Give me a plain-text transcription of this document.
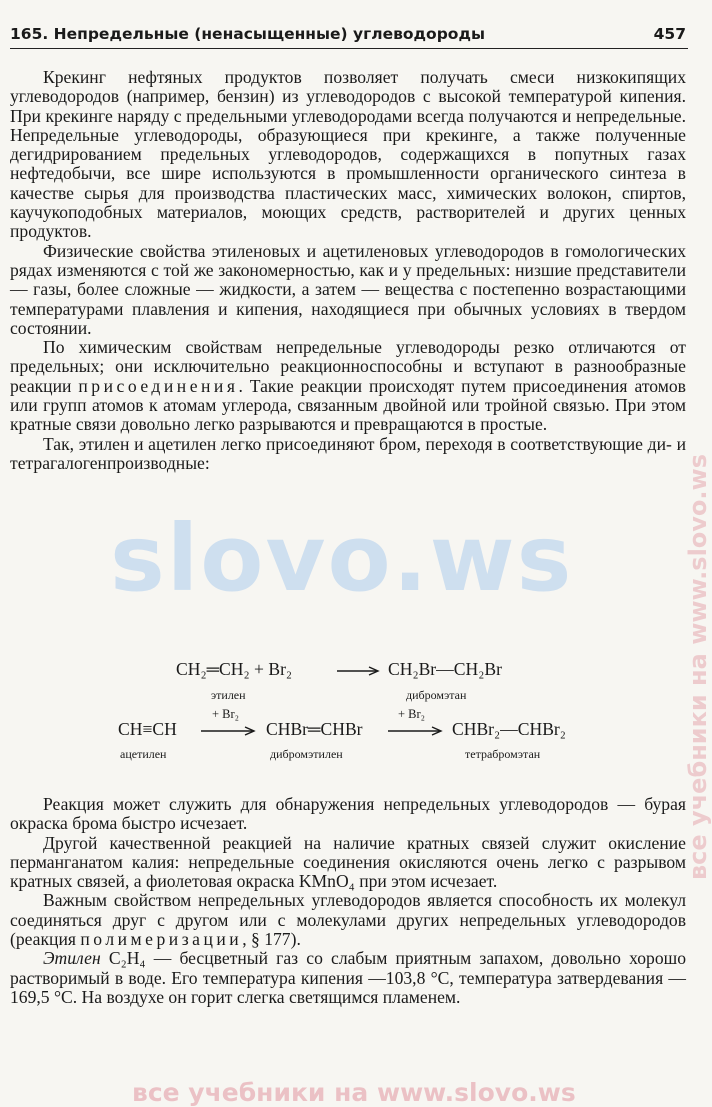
165. Непредельные (ненасыщенные) углеводороды	457

Крекинг нефтяных продуктов позволяет получать смеси низкокипящих углеводородов (например, бензин) из углеводородов с высокой температурой кипения. При крекинге наряду с предельными углеводородами всегда получаются и непредельные. Непредельные углеводороды, образующиеся при крекинге, а также полученные дегидрированием предельных углеводородов, содержащихся в попутных газах нефтедобычи, все шире используются в промышленности органического синтеза в качестве сырья для производства пластических масс, химических волокон, спиртов, каучукоподобных материалов, моющих средств, растворителей и других ценных продуктов.

Физические свойства этиленовых и ацетиленовых углеводородов в гомологических рядах изменяются с той же закономерностью, как и у предельных: низшие представители — газы, более сложные — жидкости, а затем — вещества с постепенно возрастающими температурами плавления и кипения, находящиеся при обычных условиях в твердом состоянии.

По химическим свойствам непредельные углеводороды резко отличаются от предельных; они исключительно реакционноспособны и вступают в разнообразные реакции присоединения. Такие реакции происходят путем присоединения атомов или групп атомов к атомам углерода, связанным двойной или тройной связью. При этом кратные связи довольно легко разрываются и превращаются в простые.

Так, этилен и ацетилен легко присоединяют бром, переходя в соответствующие ди- и тетрагалогенпроизводные:

CH₂═CH₂ + Br₂	CH₂Br—CH₂Br
этилен	дибромэтан
CH≡CH
+ Br₂
CHBr═CHBr
+ Br₂
CHBr₂—CHBr₂
ацетилен	дибромэтилен	тетрабромэтан

Реакция может служить для обнаружения непредельных углеводородов — бурая окраска брома быстро исчезает.

Другой качественной реакцией на наличие кратных связей служит окисление перманганатом калия: непредельные соединения окисляются очень легко с разрывом кратных связей, а фиолетовая окраска KMnO₄ при этом исчезает.

Важным свойством непредельных углеводородов является способность их молекул соединяться друг с другом или с молекулами других непредельных углеводородов (реакция полимеризации, § 177).

Этилен C₂H₄ — бесцветный газ со слабым приятным запахом, довольно хорошо растворимый в воде. Его температура кипения —103,8 °C, температура затвердевания —169,5 °C. На воздухе он горит слегка светящимся пламенем.

slovo.ws	все учебники на www.slovo.ws
все учебники на www.slovo.ws
